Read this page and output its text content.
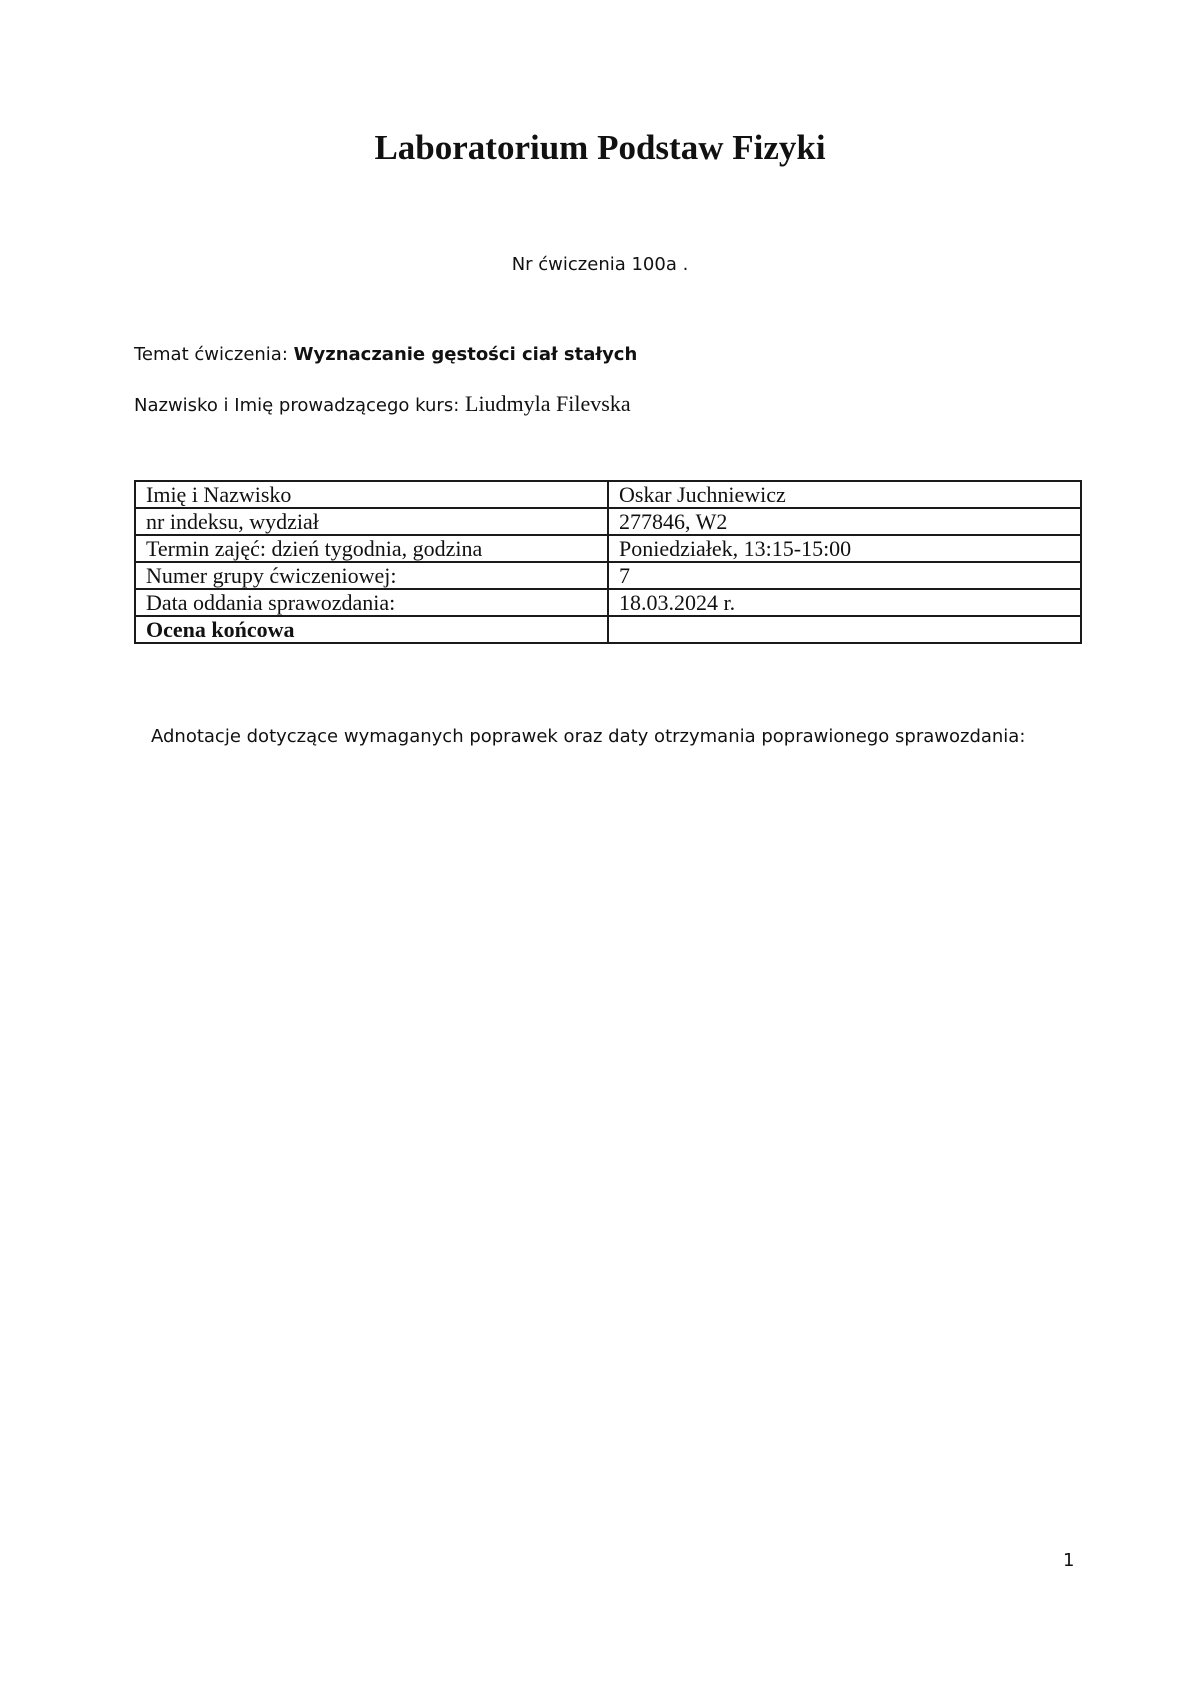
Laboratorium Podstaw Fizyki
Nr ćwiczenia 100a .
Temat ćwiczenia: Wyznaczanie gęstości ciał stałych
Nazwisko i Imię prowadzącego kurs: Liudmyla Filevska
Imię i Nazwisko	Oskar Juchniewicz
nr indeksu, wydział	277846, W2
Termin zajęć: dzień tygodnia, godzina	Poniedziałek, 13:15-15:00
Numer grupy ćwiczeniowej:	7
Data oddania sprawozdania:	18.03.2024 r.
Ocena końcowa	
Adnotacje dotyczące wymaganych poprawek oraz daty otrzymania poprawionego sprawozdania:
1
